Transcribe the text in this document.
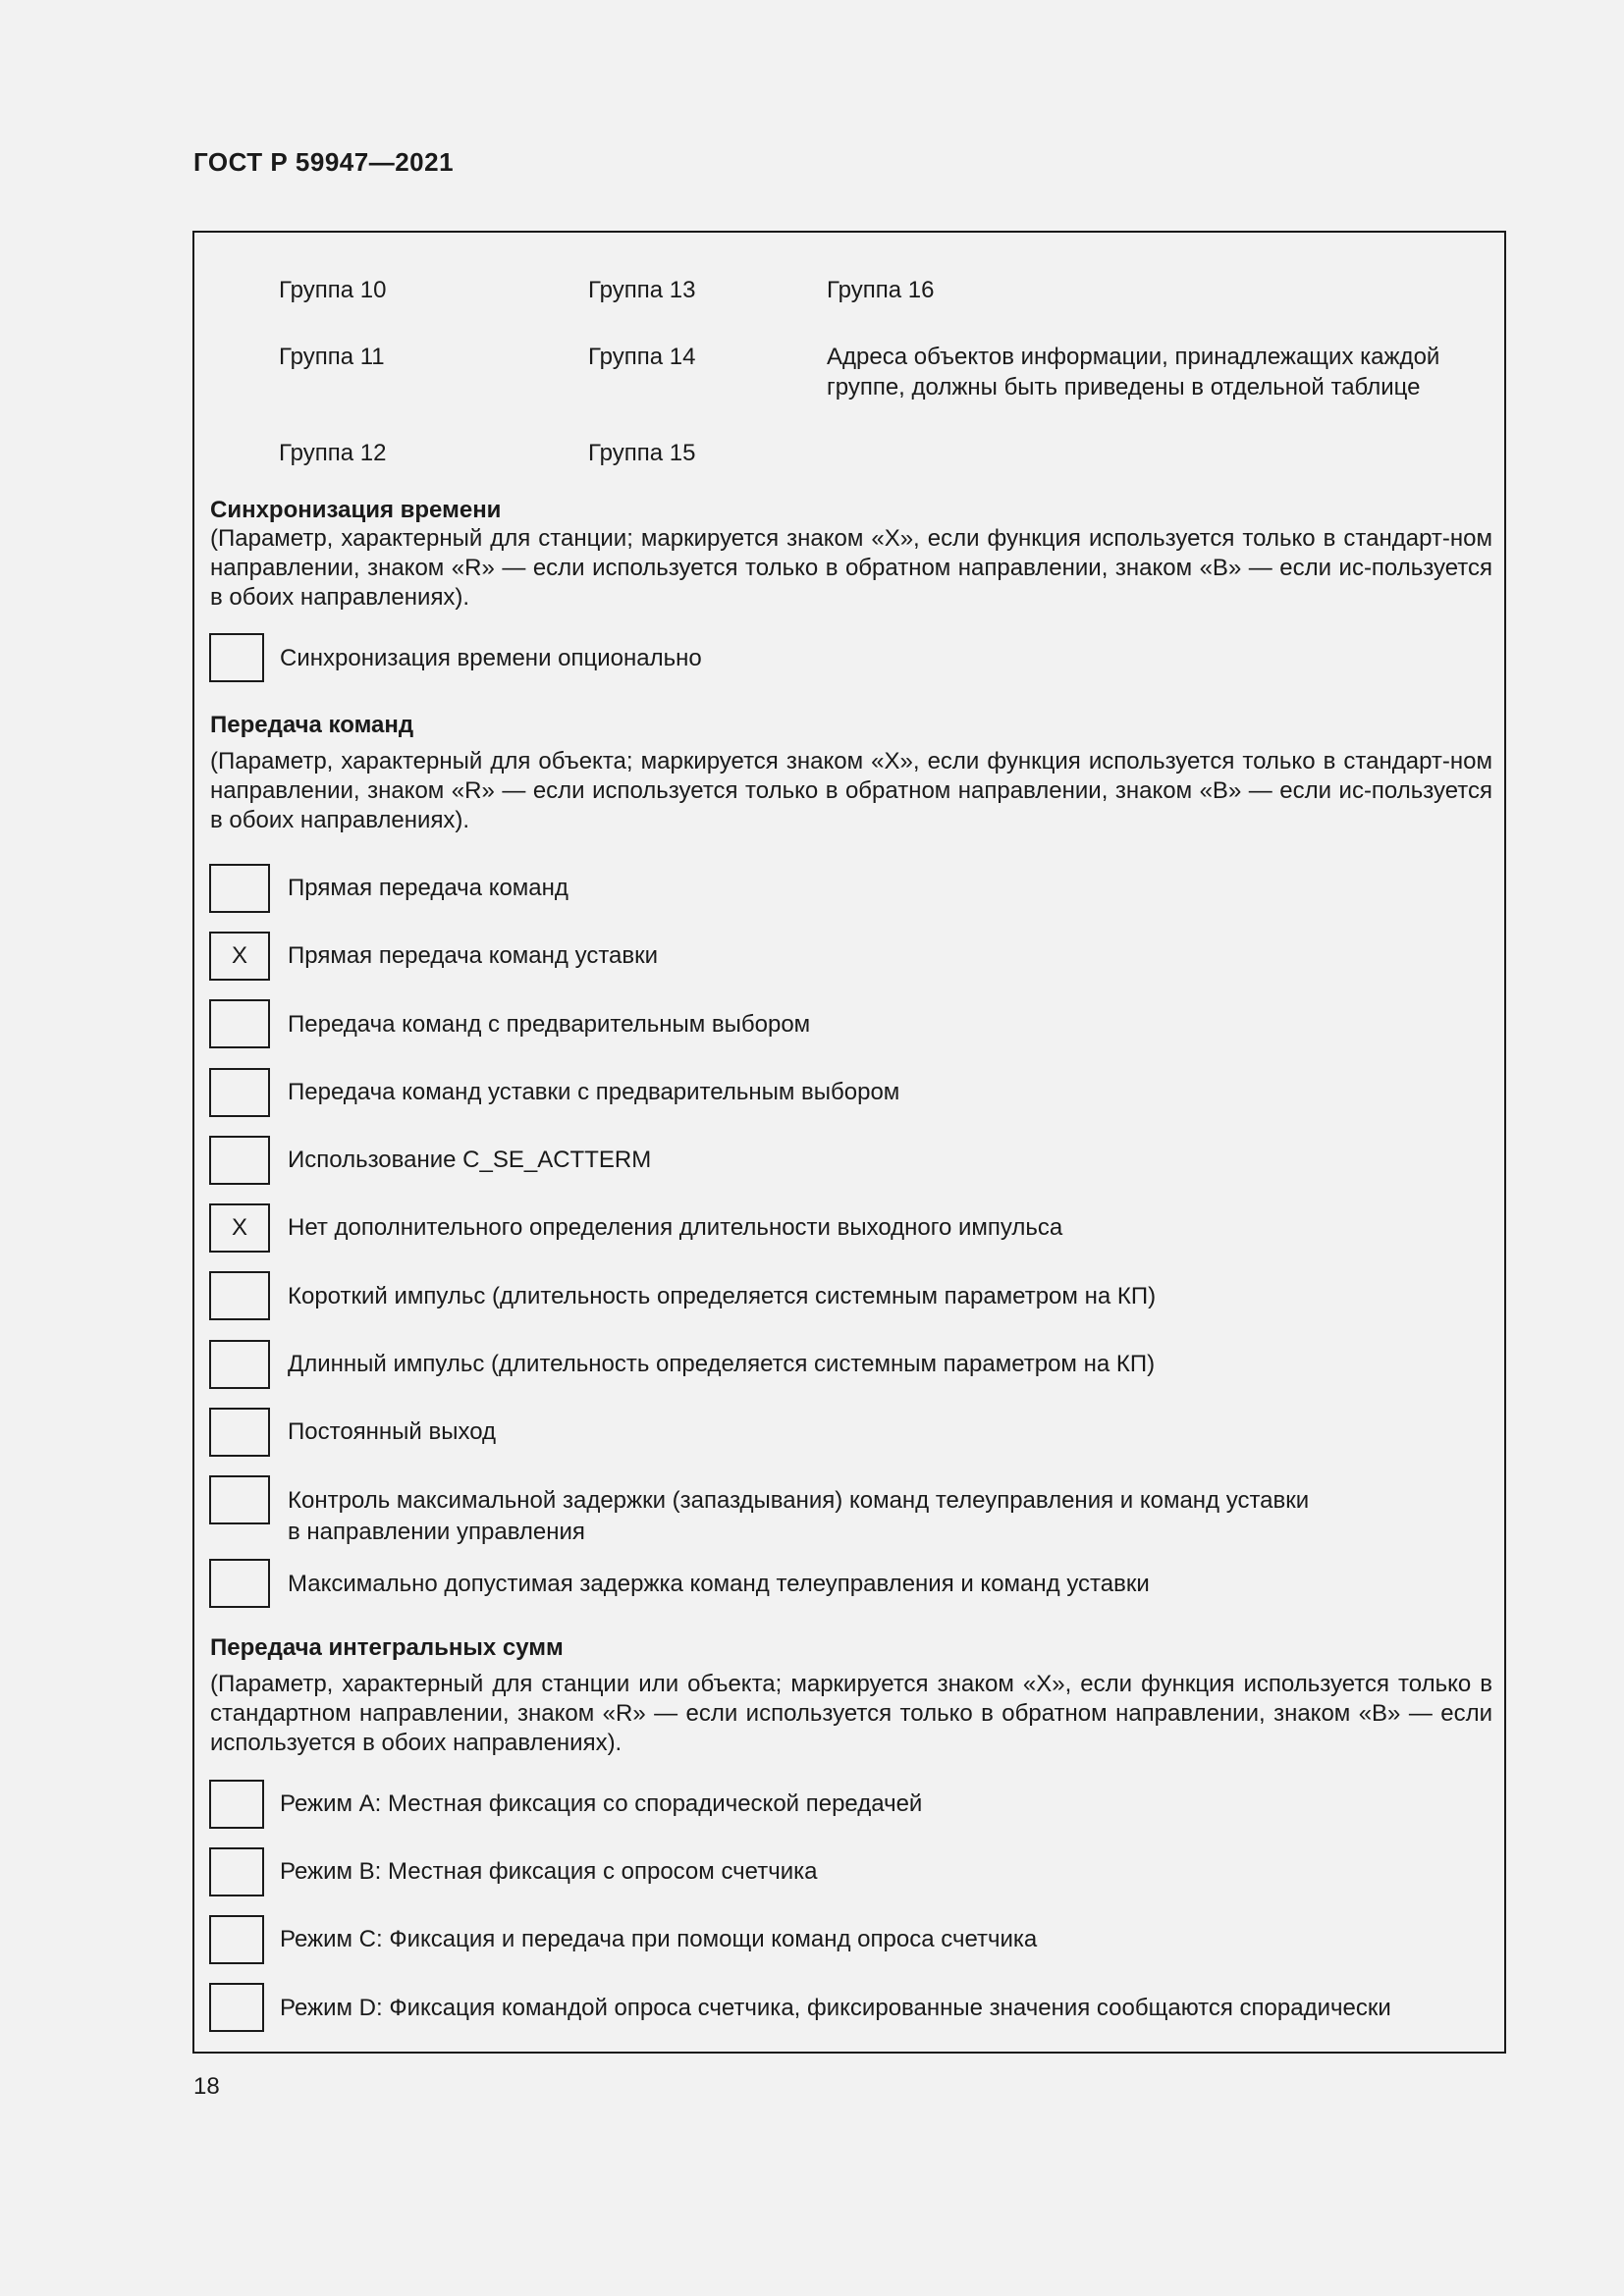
ГОСТ Р 59947—2021
Группа 10	Группа 13	Группа 16
Группа 11	Группа 14	Адреса объектов информации, принадлежащих каждой
группе, должны быть приведены в отдельной таблице
Группа 12	Группа 15
Синхронизация времени

(Параметр, характерный для станции; маркируется знаком «X», если функция используется только в стандарт-ном направлении, знаком «R» — если используется только в обратном направлении, знаком «B» — если ис-пользуется в обоих направлениях).

Синхронизация времени опционально
Передача команд

(Параметр, характерный для объекта; маркируется знаком «X», если функция используется только в стандарт-ном направлении, знаком «R» — если используется только в обратном направлении, знаком «B» — если ис-пользуется в обоих направлениях).

Прямая передача команд
X	Прямая передача команд уставки
Передача команд с предварительным выбором
Передача команд уставки с предварительным выбором
Использование C_SE_ACTTERM
X	Нет дополнительного определения длительности выходного импульса
Короткий импульс (длительность определяется системным параметром на КП)
Длинный импульс (длительность определяется системным параметром на КП)
Постоянный выход
Контроль максимальной задержки (запаздывания) команд телеуправления и команд уставки
в направлении управления
Максимально допустимая задержка команд телеуправления и команд уставки
Передача интегральных сумм

(Параметр, характерный для станции или объекта; маркируется знаком «X», если функция используется только в стандартном направлении, знаком «R» — если используется только в обратном направлении, знаком «B» — если используется в обоих направлениях).

Режим A: Местная фиксация со спорадической передачей
Режим B: Местная фиксация с опросом счетчика
Режим C: Фиксация и передача при помощи команд опроса счетчика
Режим D: Фиксация командой опроса счетчика, фиксированные значения сообщаются спорадически
18
